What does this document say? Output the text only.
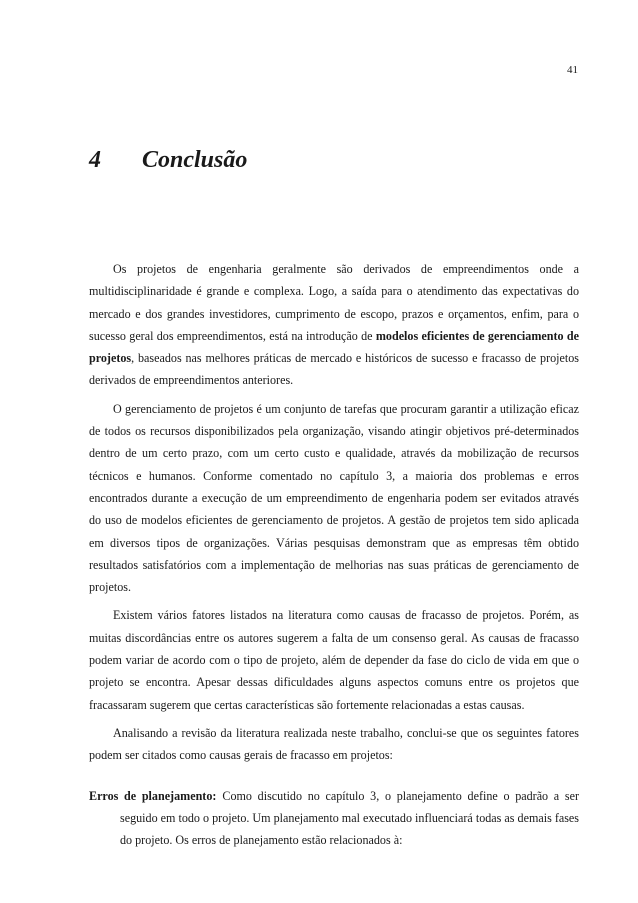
41
4 Conclusão

Os projetos de engenharia geralmente são derivados de empreendimentos onde a multidisciplinaridade é grande e complexa. Logo, a saída para o atendimento das expectativas do mercado e dos grandes investidores, cumprimento de escopo, prazos e orçamentos, enfim, para o sucesso geral dos empreendimentos, está na introdução de modelos eficientes de gerenciamento de projetos, baseados nas melhores práticas de mercado e históricos de sucesso e fracasso de projetos derivados de empreendimentos anteriores.

O gerenciamento de projetos é um conjunto de tarefas que procuram garantir a utilização eficaz de todos os recursos disponibilizados pela organização, visando atingir objetivos pré-determinados dentro de um certo prazo, com um certo custo e qualidade, através da mobilização de recursos técnicos e humanos. Conforme comentado no capítulo 3, a maioria dos problemas e erros encontrados durante a execução de um empreendimento de engenharia podem ser evitados através do uso de modelos eficientes de gerenciamento de projetos. A gestão de projetos tem sido aplicada em diversos tipos de organizações. Várias pesquisas demonstram que as empresas têm obtido resultados satisfatórios com a implementação de melhorias nas suas práticas de gerenciamento de projetos.

Existem vários fatores listados na literatura como causas de fracasso de projetos. Porém, as muitas discordâncias entre os autores sugerem a falta de um consenso geral. As causas de fracasso podem variar de acordo com o tipo de projeto, além de depender da fase do ciclo de vida em que o projeto se encontra. Apesar dessas dificuldades alguns aspectos comuns entre os projetos que fracassaram sugerem que certas características são fortemente relacionadas a estas causas.

Analisando a revisão da literatura realizada neste trabalho, conclui-se que os seguintes fatores podem ser citados como causas gerais de fracasso em projetos:

Erros de planejamento: Como discutido no capítulo 3, o planejamento define o padrão a ser seguido em todo o projeto. Um planejamento mal executado influenciará todas as demais fases do projeto. Os erros de planejamento estão relacionados à:
